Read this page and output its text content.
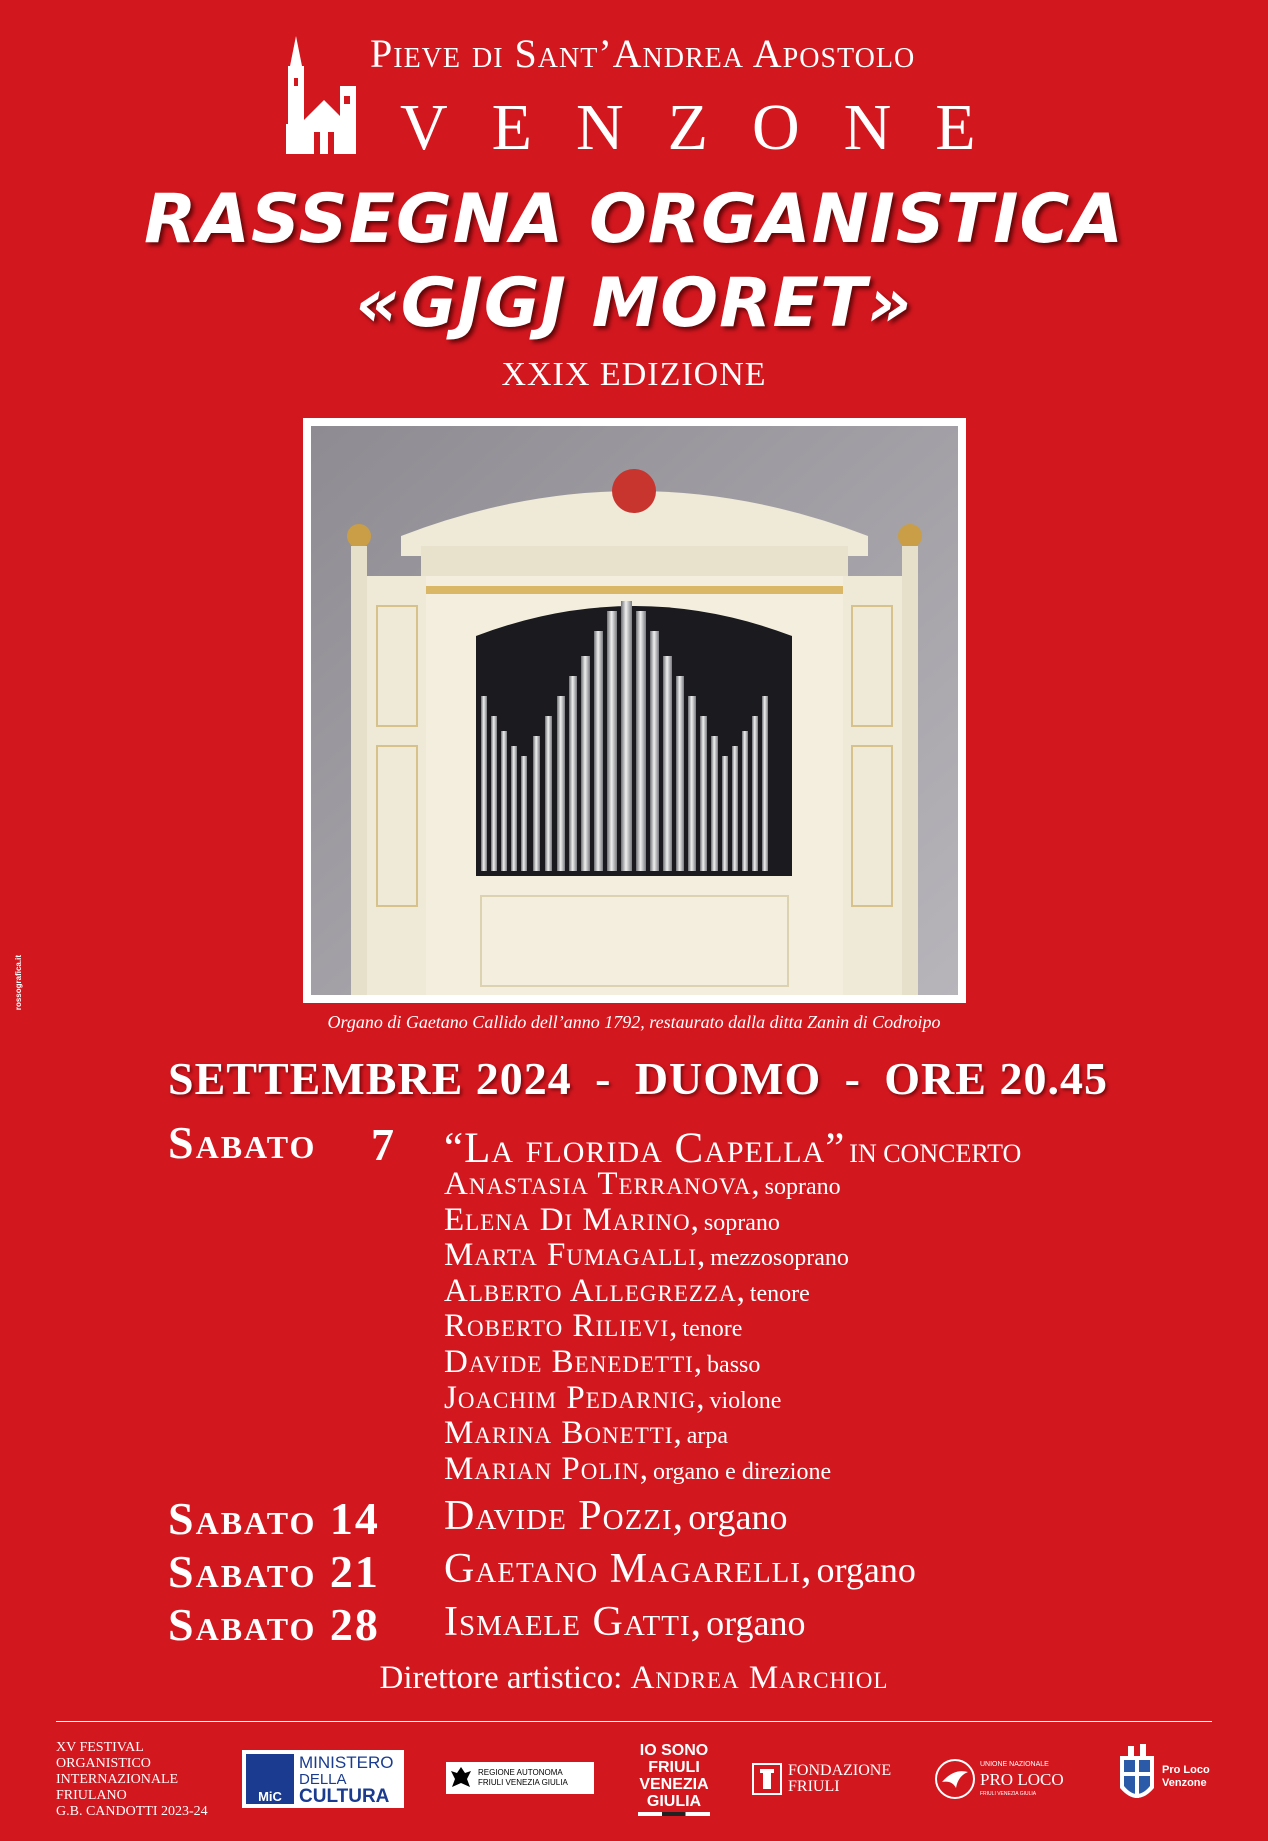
Pieve di Sant’Andrea Apostolo
VENZONE
RASSEGNA ORGANISTICA
«GJGJ MORET»
XXIX EDIZIONE
Organo di Gaetano Callido dell’anno 1792, restaurato dalla ditta Zanin di Codroipo
SETTEMBRE 2024 - DUOMO - ORE 20.45
Sabato 7 “La florida Capella” IN CONCERTO
Anastasia Terranova, soprano
Elena Di Marino, soprano
Marta Fumagalli, mezzosoprano
Alberto Allegrezza, tenore
Roberto Rilievi, tenore
Davide Benedetti, basso
Joachim Pedarnig, violone
Marina Bonetti, arpa
Marian Polin, organo e direzione
Sabato 14 Davide Pozzi, organo
Sabato 21 Gaetano Magarelli, organo
Sabato 28 Ismaele Gatti, organo
Direttore artistico: Andrea Marchiol
XV FESTIVAL
ORGANISTICO
INTERNAZIONALE
FRIULANO
G.B. CANDOTTI 2023-24
MiC
MINISTERO
DELLA
CULTURA
REGIONE AUTONOMA
FRIULI VENEZIA GIULIA
IO SONO
FRIULI
VENEZIA
GIULIA
FONDAZIONE
FRIULI
UNIONE NAZIONALE
PRO LOCO
FRIULI VENEZIA GIULIA
Pro Loco
Venzone
rossografica.it
